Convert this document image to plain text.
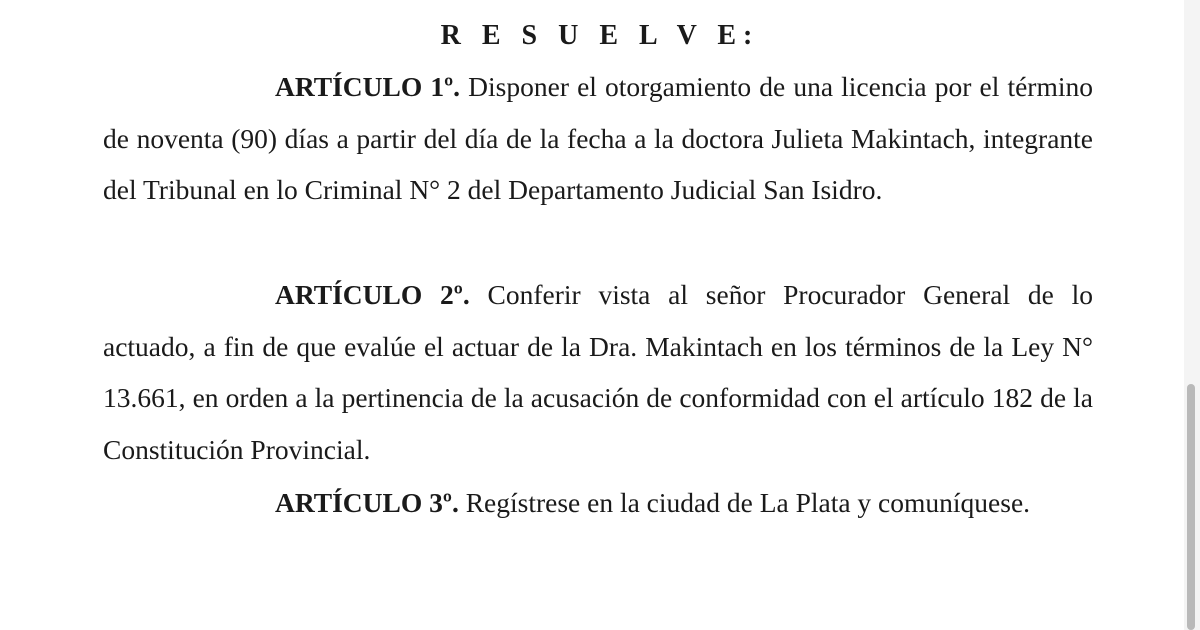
R E S U E L V E:

ARTÍCULO 1º. Disponer el otorgamiento de una licencia por el término de noventa (90) días a partir del día de la fecha a la doctora Julieta Makintach, integrante del Tribunal en lo Criminal N° 2 del Departamento Judicial San Isidro.

ARTÍCULO 2º. Conferir vista al señor Procurador General de lo actuado, a fin de que evalúe el actuar de la Dra. Makintach en los términos de la Ley N° 13.661, en orden a la pertinencia de la acusación de conformidad con el artículo 182 de la Constitución Provincial.

ARTÍCULO 3º. Regístrese en la ciudad de La Plata y comuníquese.
